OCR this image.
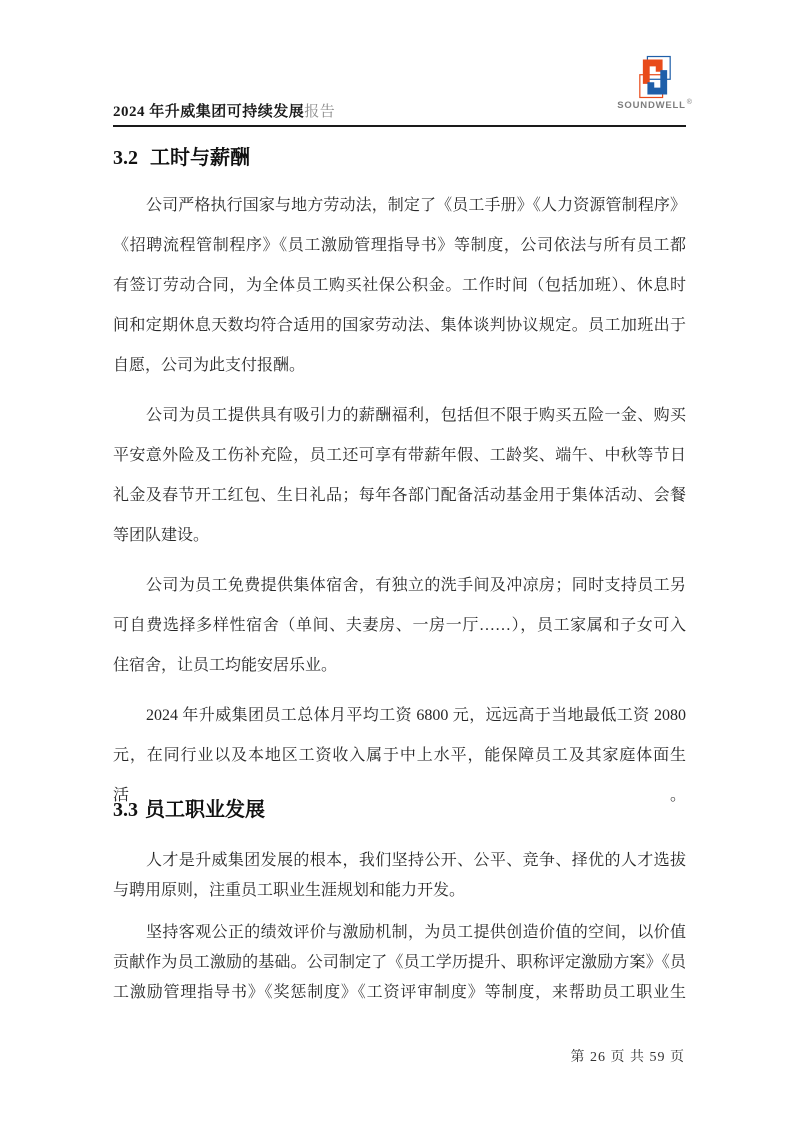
2024 年升威集团可持续发展报告	SOUNDWELL®
3.2 工时与薪酬

公司严格执行国家与地方劳动法，制定了《员工手册》《人力资源管制程序》
《招聘流程管制程序》《员工激励管理指导书》等制度，公司依法与所有员工都
有签订劳动合同，为全体员工购买社保公积金。工作时间（包括加班）、休息时
间和定期休息天数均符合适用的国家劳动法、集体谈判协议规定。员工加班出于
自愿，公司为此支付报酬。

公司为员工提供具有吸引力的薪酬福利，包括但不限于购买五险一金、购买
平安意外险及工伤补充险，员工还可享有带薪年假、工龄奖、端午、中秋等节日
礼金及春节开工红包、生日礼品；每年各部门配备活动基金用于集体活动、会餐
等团队建设。

公司为员工免费提供集体宿舍，有独立的洗手间及冲凉房；同时支持员工另
可自费选择多样性宿舍（单间、夫妻房、一房一厅……），员工家属和子女可入
住宿舍，让员工均能安居乐业。

2024 年升威集团员工总体月平均工资 6800 元，远远高于当地最低工资 2080
元，在同行业以及本地区工资收入属于中上水平，能保障员工及其家庭体面生活。

3.3 员工职业发展

人才是升威集团发展的根本，我们坚持公开、公平、竞争、择优的人才选拔
与聘用原则，注重员工职业生涯规划和能力开发。

坚持客观公正的绩效评价与激励机制，为员工提供创造价值的空间，以价值
贡献作为员工激励的基础。公司制定了《员工学历提升、职称评定激励方案》《员
工激励管理指导书》《奖惩制度》《工资评审制度》等制度，来帮助员工职业生

第 26 页 共 59 页
